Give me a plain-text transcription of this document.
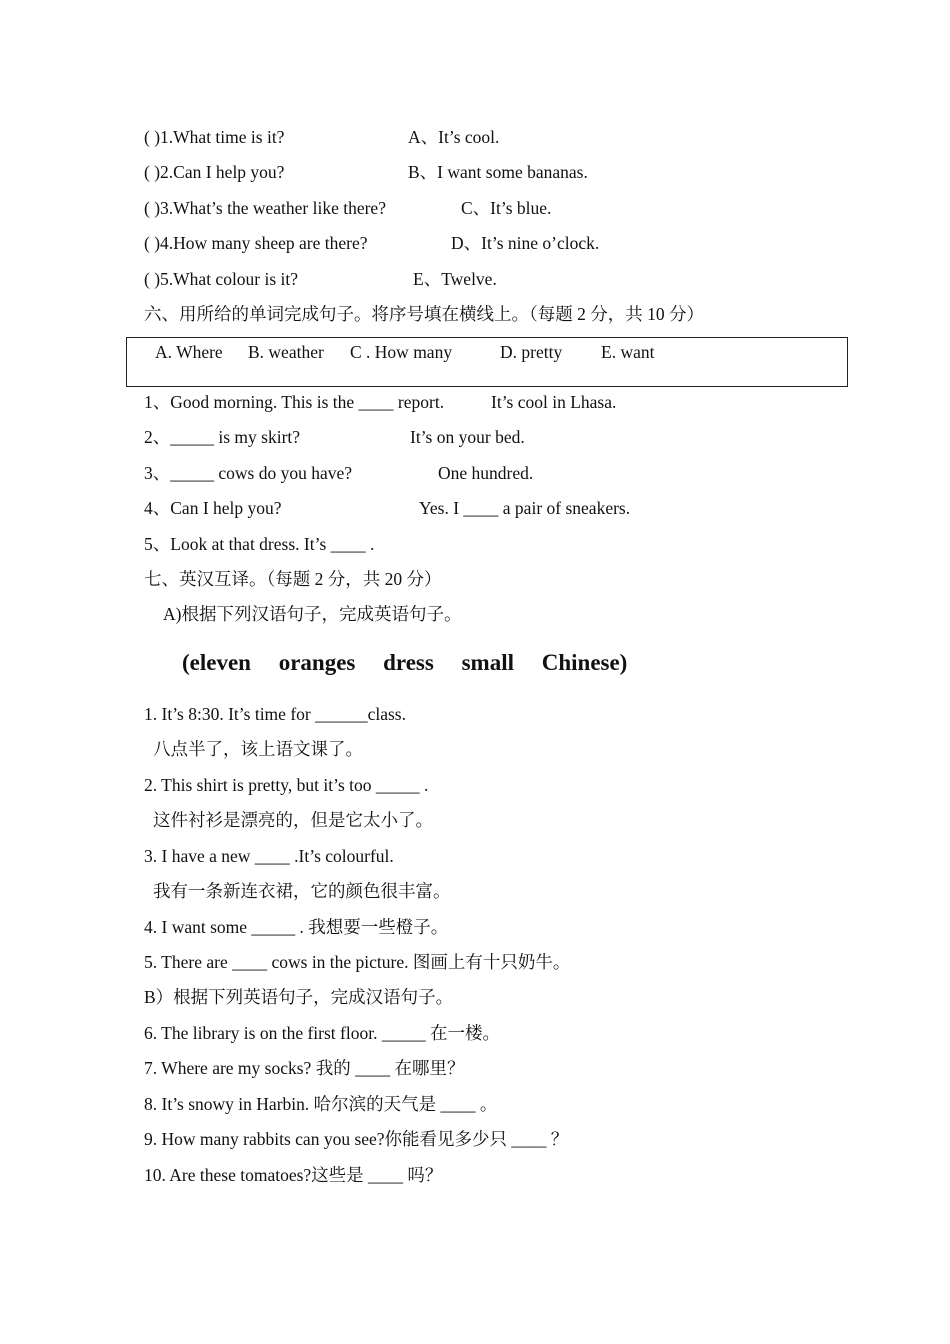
( )1.What time is it?	A、It’s cool.
( )2.Can I help you?	B、I want some bananas.
( )3.What’s the weather like there?	C、It’s blue.
( )4.How many sheep are there?	D、It’s nine o’clock.
( )5.What colour is it?	E、Twelve.
六、用所给的单词完成句子。将序号填在横线上。（每题 2 分，共 10 分）
A. Where B. weather C . How many	D. pretty E. want
1、Good morning. This is the ____ report.	It’s cool in Lhasa.
2、_____ is my skirt?	It’s on your bed.
3、_____ cows do you have?	One hundred.
4、Can I help you?	Yes. I ____ a pair of sneakers.
5、Look at that dress. It’s ____ .
七、英汉互译。（每题 2 分，共 20 分）
A)根据下列汉语句子，完成英语句子。
(eleven oranges dress small Chinese)
1. It’s 8:30. It’s time for ______class.
八点半了，该上语文课了。
2. This shirt is pretty, but it’s too _____ .
这件衬衫是漂亮的，但是它太小了。
3. I have a new ____ .It’s colourful.
我有一条新连衣裙，它的颜色很丰富。
4. I want some _____ . 我想要一些橙子。
5. There are ____ cows in the picture. 图画上有十只奶牛。
B）根据下列英语句子，完成汉语句子。
6. The library is on the first floor. _____ 在一楼。
7. Where are my socks? 我的 ____ 在哪里？
8. It’s snowy in Harbin. 哈尔滨的天气是 ____ 。
9. How many rabbits can you see?你能看见多少只 ____ ？
10. Are these tomatoes?这些是 ____ 吗？
